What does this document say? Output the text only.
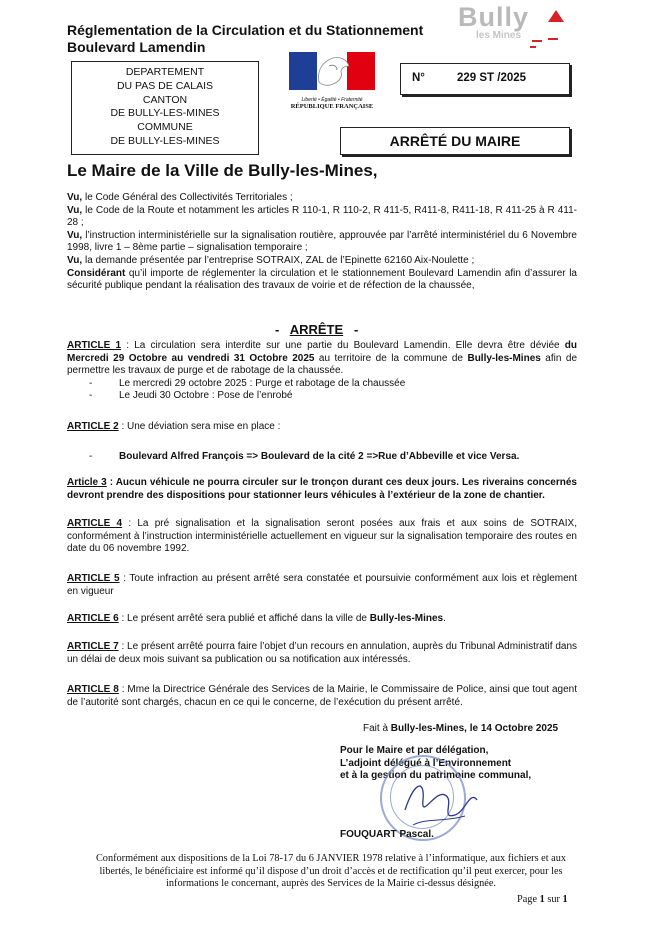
Réglementation de la Circulation et du Stationnement
Boulevard Lamendin
Bully
les Mines
DEPARTEMENT
DU PAS DE CALAIS
CANTON
DE BULLY-LES-MINES
COMMUNE
DE BULLY-LES-MINES
Liberté • Égalité • Fraternité
RÉPUBLIQUE FRANÇAISE
N°	229 ST /2025
ARRÊTÉ DU MAIRE
Le Maire de la Ville de Bully-les-Mines,
Vu, le Code Général des Collectivités Territoriales ;
Vu, le Code de la Route et notamment les articles R 110-1, R 110-2, R 411-5, R411-8, R411-18, R 411-25 à R 411-28 ;
Vu, l’instruction interministérielle sur la signalisation routière, approuvée par l’arrêté interministériel du 6 Novembre 1998, livre 1 – 8ème partie – signalisation temporaire ;
Vu, la demande présentée par l’entreprise SOTRAIX, ZAL de l’Epinette 62160 Aix-Noulette ;
Considérant qu’il importe de réglementer la circulation et le stationnement Boulevard Lamendin afin d’assurer la sécurité publique pendant la réalisation des travaux de voirie et de réfection de la chaussée,
- ARRÊTE -
ARTICLE 1 : La circulation sera interdite sur une partie du Boulevard Lamendin. Elle devra être déviée du Mercredi 29 Octobre au vendredi 31 Octobre 2025 au territoire de la commune de Bully-les-Mines afin de permettre les travaux de purge et de rabotage de la chaussée.
-	Le mercredi 29 octobre 2025 : Purge et rabotage de la chaussée
-	Le Jeudi 30 Octobre : Pose de l’enrobé
ARTICLE 2 : Une déviation sera mise en place :
-	Boulevard Alfred François => Boulevard de la cité 2 =>Rue d’Abbeville et vice Versa.
Article 3 : Aucun véhicule ne pourra circuler sur le tronçon durant ces deux jours. Les riverains concernés devront prendre des dispositions pour stationner leurs véhicules à l’extérieur de la zone de chantier.
ARTICLE 4 : La pré signalisation et la signalisation seront posées aux frais et aux soins de SOTRAIX, conformément à l’instruction interministérielle actuellement en vigueur sur la signalisation temporaire des routes en date du 06 novembre 1992.
ARTICLE 5 : Toute infraction au présent arrêté sera constatée et poursuivie conformément aux lois et règlement en vigueur
ARTICLE 6 : Le présent arrêté sera publié et affiché dans la ville de Bully-les-Mines.
ARTICLE 7 : Le présent arrêté pourra faire l’objet d’un recours en annulation, auprès du Tribunal Administratif dans un délai de deux mois suivant sa publication ou sa notification aux intéressés.
ARTICLE 8 : Mme la Directrice Générale des Services de la Mairie, le Commissaire de Police, ainsi que tout agent de l’autorité sont chargés, chacun en ce qui le concerne, de l’exécution du présent arrêté.
Fait à Bully-les-Mines, le 14 Octobre 2025
Pour le Maire et par délégation,
L’adjoint délégué à l’Environnement
et à la gestion du patrimoine communal,
FOUQUART Pascal.
Conformément aux dispositions de la Loi 78-17 du 6 JANVIER 1978 relative à l’informatique, aux fichiers et aux libertés, le bénéficiaire est informé qu’il dispose d’un droit d’accès et de rectification qu’il peut exercer, pour les informations le concernant, auprès des Services de la Mairie ci-dessus désignée.
Page 1 sur 1
